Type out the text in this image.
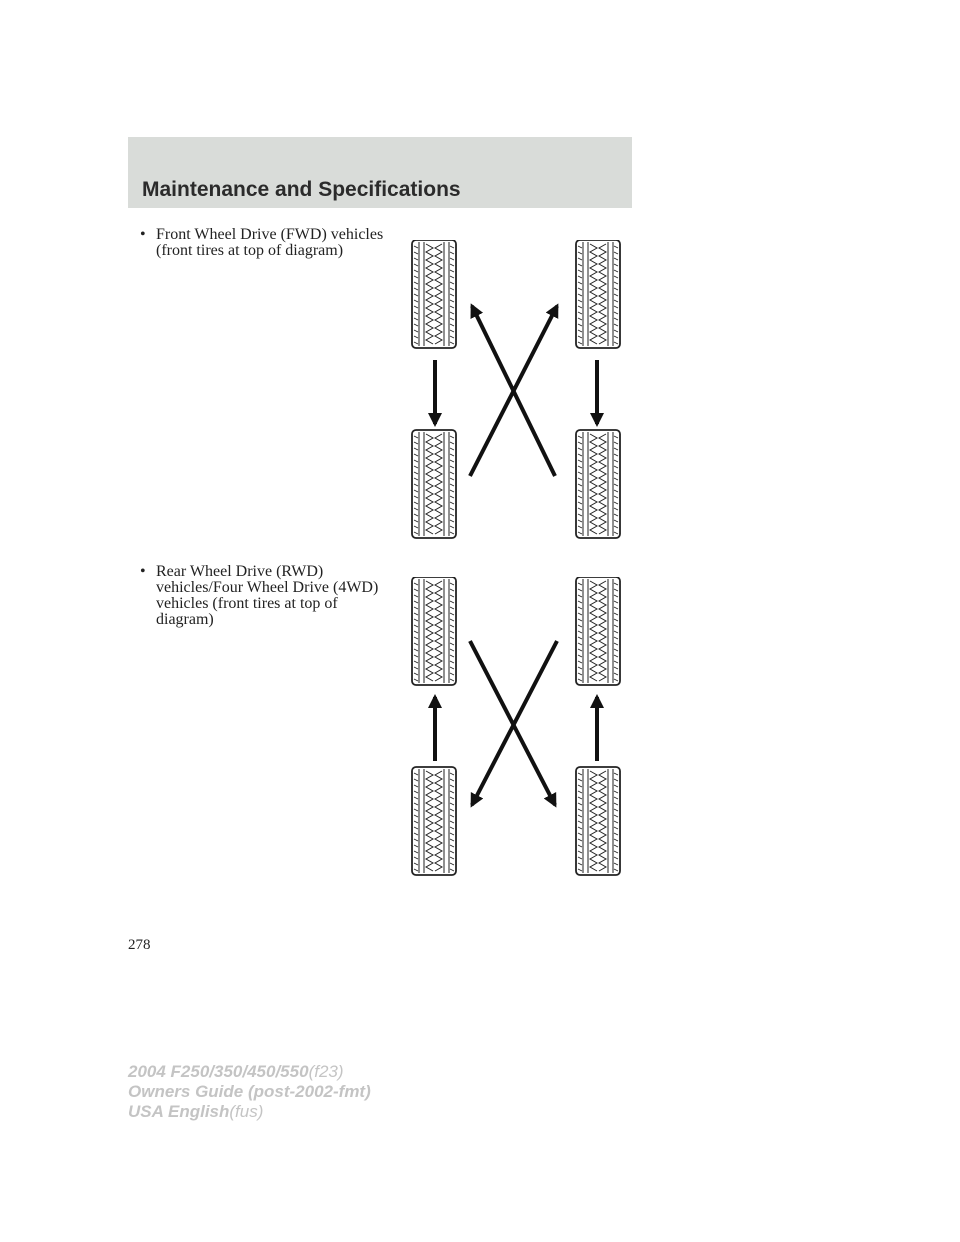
Maintenance and Specifications
• Front Wheel Drive (FWD) vehicles (front tires at top of diagram)
• Rear Wheel Drive (RWD) vehicles/Four Wheel Drive (4WD) vehicles (front tires at top of diagram)
278
2004 F250/350/450/550(f23)
Owners Guide (post-2002-fmt)
USA English(fus)
